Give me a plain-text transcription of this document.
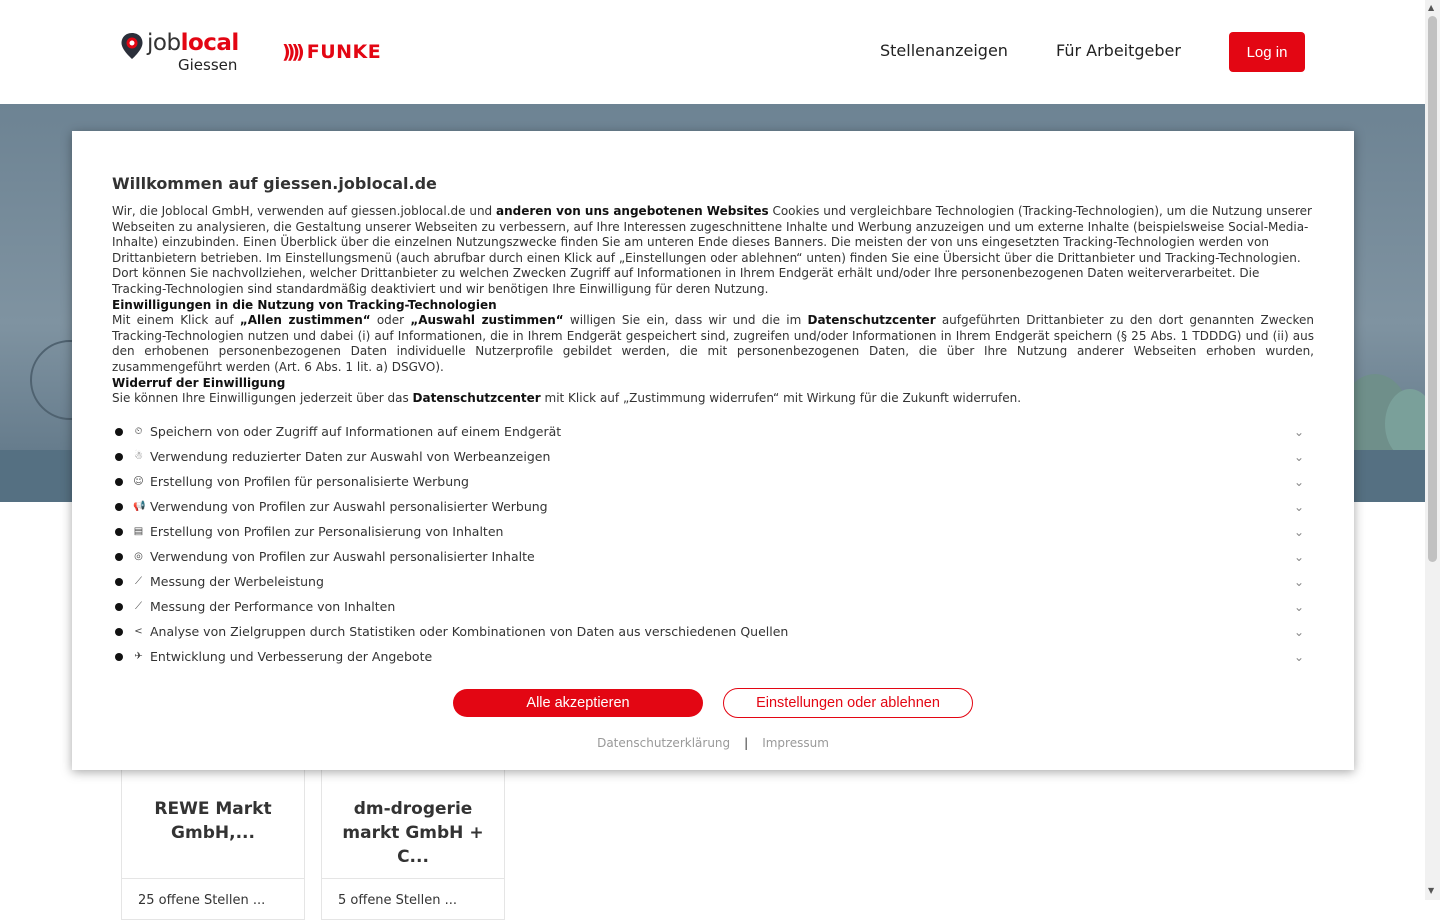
joblocal
Giessen
)))) FUNKE	Stellenanzeigen	Für Arbeitgeber	Log in
REWE Markt GmbH,...
25 offene Stellen ...
dm-drogerie markt GmbH + C...
5 offene Stellen ...
▲
▼
Willkommen auf giessen.joblocal.de

Wir, die Joblocal GmbH, verwenden auf giessen.joblocal.de und anderen von uns angebotenen Websites Cookies und vergleichbare Technologien (Tracking-Technologien), um die Nutzung unserer Webseiten zu analysieren, die Gestaltung unserer Webseiten zu verbessern, auf Ihre Interessen zugeschnittene Inhalte und Werbung anzuzeigen und um externe Inhalte (beispielsweise Social-Media-Inhalte) einzubinden. Einen Überblick über die einzelnen Nutzungszwecke finden Sie am unteren Ende dieses Banners. Die meisten der von uns eingesetzten Tracking-Technologien werden von Drittanbietern betrieben. Im Einstellungsmenü (auch abrufbar durch einen Klick auf „Einstellungen oder ablehnen“ unten) finden Sie eine Übersicht über die Drittanbieter und Tracking-Technologien. Dort können Sie nachvollziehen, welcher Drittanbieter zu welchen Zwecken Zugriff auf Informationen in Ihrem Endgerät erhält und/oder Ihre personenbezogenen Daten weiterverarbeitet. Die Tracking-Technologien sind standardmäßig deaktiviert und wir benötigen Ihre Einwilligung für deren Nutzung.

Einwilligungen in die Nutzung von Tracking-Technologien

Mit einem Klick auf „Allen zustimmen“ oder „Auswahl zustimmen“ willigen Sie ein, dass wir und die im Datenschutzcenter aufgeführten Drittanbieter zu den dort genannten Zwecken Tracking-Technologien nutzen und dabei (i) auf Informationen, die in Ihrem Endgerät gespeichert sind, zugreifen und/oder Informationen in Ihrem Endgerät speichern (§ 25 Abs. 1 TDDDG) und (ii) aus den erhobenen personenbezogenen Daten individuelle Nutzerprofile gebildet werden, die mit personenbezogenen Daten, die über Ihre Nutzung anderer Webseiten erhoben wurden, zusammengeführt werden (Art. 6 Abs. 1 lit. a) DSGVO).

Widerruf der Einwilligung

Sie können Ihre Einwilligungen jederzeit über das Datenschutzcenter mit Klick auf „Zustimmung widerrufen“ mit Wirkung für die Zukunft widerrufen.

⏲ Speichern von oder Zugriff auf Informationen auf einem Endgerät	⌄
☃ Verwendung reduzierter Daten zur Auswahl von Werbeanzeigen	⌄
☺ Erstellung von Profilen für personalisierte Werbung	⌄
📢 Verwendung von Profilen zur Auswahl personalisierter Werbung	⌄
▤ Erstellung von Profilen zur Personalisierung von Inhalten	⌄
◎ Verwendung von Profilen zur Auswahl personalisierter Inhalte	⌄
⟋ Messung der Werbeleistung	⌄
⟋ Messung der Performance von Inhalten	⌄
< Analyse von Zielgruppen durch Statistiken oder Kombinationen von Daten aus verschiedenen Quellen	⌄
✈ Entwicklung und Verbesserung der Angebote	⌄
Alle akzeptieren	Einstellungen oder ablehnen
Datenschutzerklärung | Impressum
